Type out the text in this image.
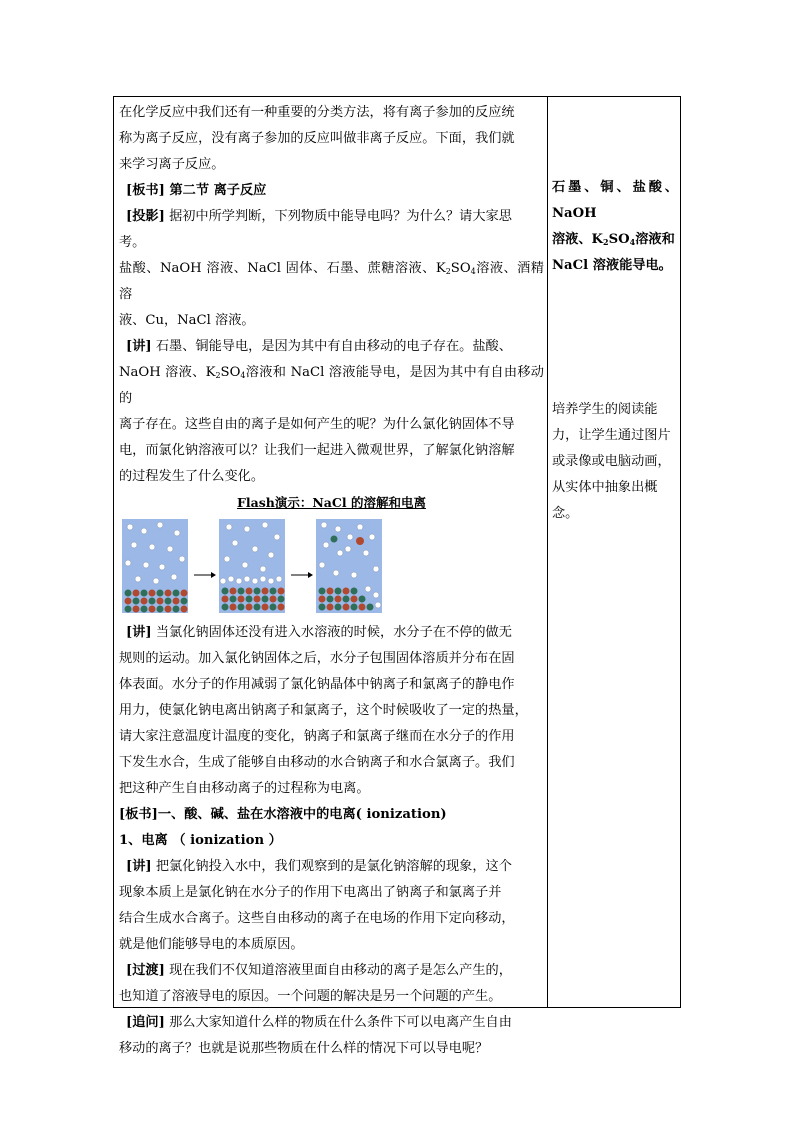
在化学反应中我们还有一种重要的分类方法，将有离子参加的反应统

称为离子反应，没有离子参加的反应叫做非离子反应。下面，我们就

来学习离子反应。

[板书] 第二节 离子反应

[投影] 据初中所学判断，下列物质中能导电吗？为什么？请大家思

考。

盐酸、NaOH 溶液、NaCl 固体、石墨、蔗糖溶液、$K_2SO_4$溶液、酒精溶

液、Cu，NaCl 溶液。

[讲] 石墨、铜能导电，是因为其中有自由移动的电子存在。盐酸、

NaOH 溶液、$K_2SO_4$溶液和 NaCl 溶液能导电，是因为其中有自由移动的

离子存在。这些自由的离子是如何产生的呢？为什么氯化钠固体不导

电，而氯化钠溶液可以？让我们一起进入微观世界，了解氯化钠溶解

的过程发生了什么变化。

Flash演示：NaCl 的溶解和电离

[讲] 当氯化钠固体还没有进入水溶液的时候，水分子在不停的做无

规则的运动。加入氯化钠固体之后，水分子包围固体溶质并分布在固

体表面。水分子的作用减弱了氯化钠晶体中钠离子和氯离子的静电作

用力，使氯化钠电离出钠离子和氯离子，这个时候吸收了一定的热量，

请大家注意温度计温度的变化，钠离子和氯离子继而在水分子的作用

下发生水合，生成了能够自由移动的水合钠离子和水合氯离子。我们

把这种产生自由移动离子的过程称为电离。

[板书]一、酸、碱、盐在水溶液中的电离( ionization)

1、电离 （ ionization ）

[讲] 把氯化钠投入水中，我们观察到的是氯化钠溶解的现象，这个

现象本质上是氯化钠在水分子的作用下电离出了钠离子和氯离子并

结合生成水合离子。这些自由移动的离子在电场的作用下定向移动，

就是他们能够导电的本质原因。

[过渡] 现在我们不仅知道溶液里面自由移动的离子是怎么产生的，

也知道了溶液导电的原因。一个问题的解决是另一个问题的产生。

[追问] 那么大家知道什么样的物质在什么条件下可以电离产生自由

移动的离子？也就是说那些物质在什么样的情况下可以导电呢？

石墨、铜、盐酸、NaOH

溶液、$K_2SO_4$溶液和

NaCl 溶液能导电。

培养学生的阅读能

力，让学生通过图片

或录像或电脑动画，

从实体中抽象出概

念。
